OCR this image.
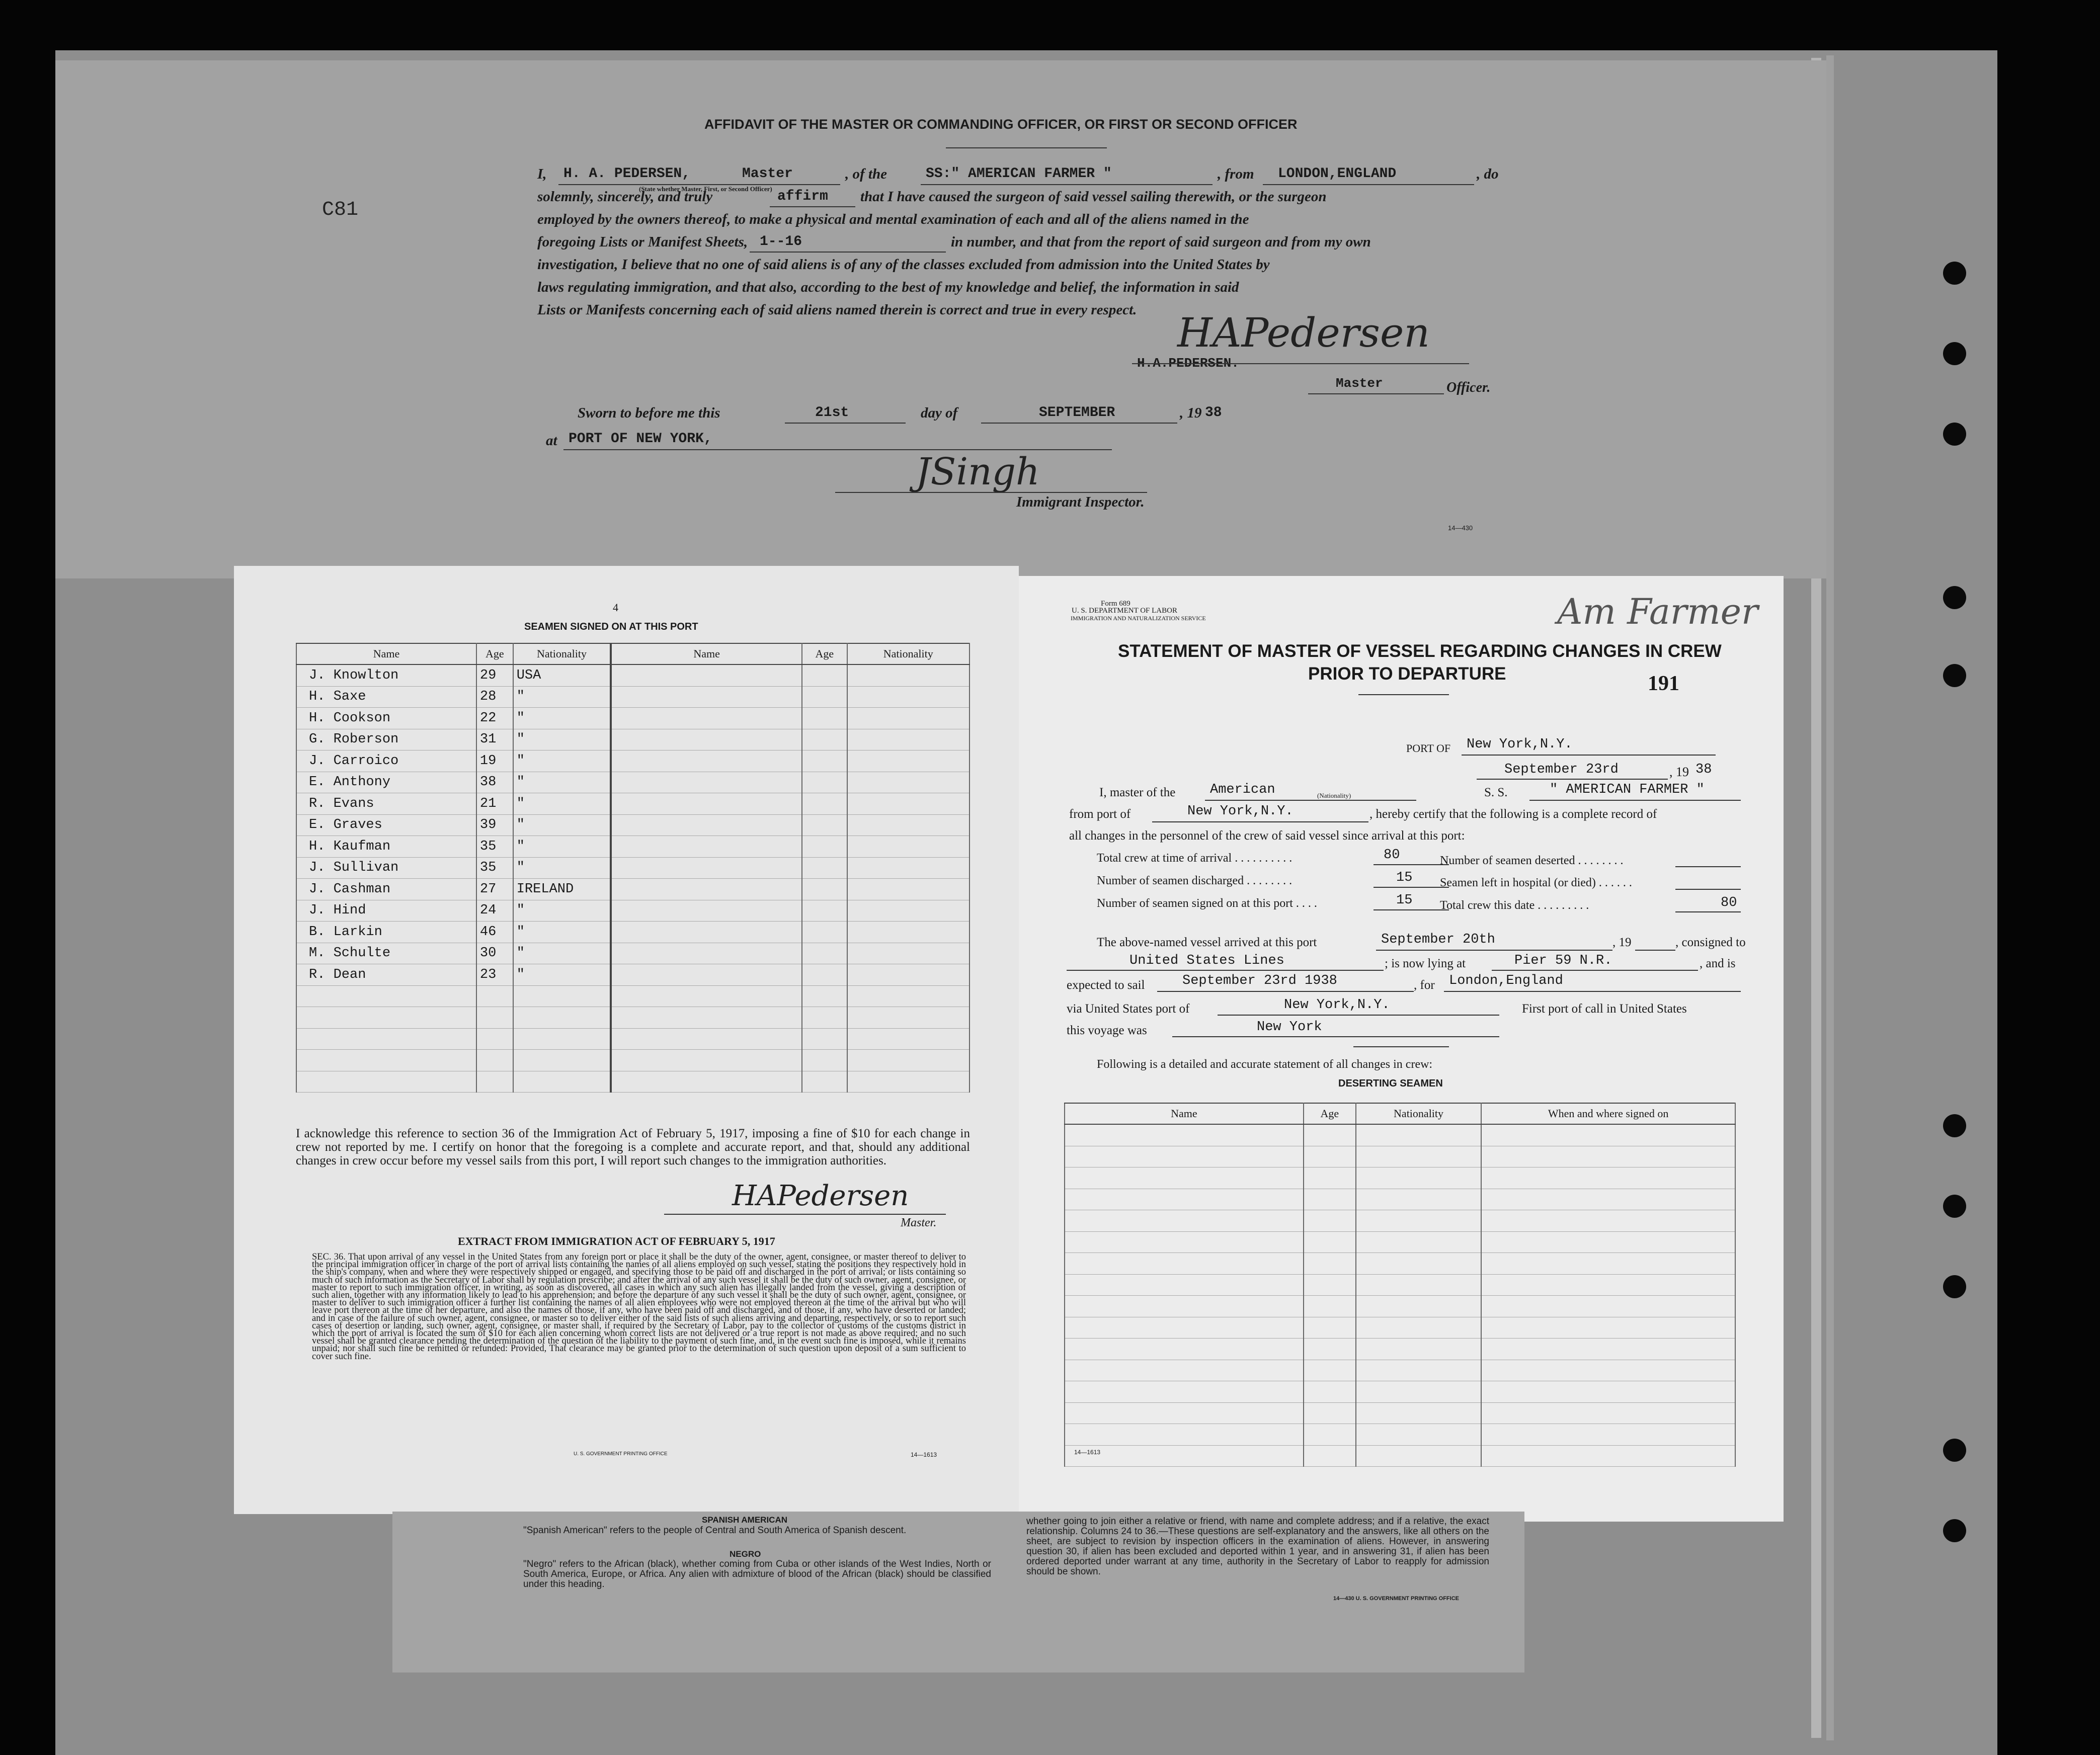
AFFIDAVIT OF THE MASTER OR COMMANDING OFFICER, OR FIRST OR SECOND OFFICER
C81
I, H. A. PEDERSEN,	Master	, of the	SS:" AMERICAN FARMER "	, from LONDON,ENGLAND	, do
(State whether Master, First, or Second Officer)
solemnly, sincerely, and truly	affirm that I have caused the surgeon of said vessel sailing therewith, or the surgeon
employed by the owners thereof, to make a physical and mental examination of each and all of the aliens named in the
foregoing Lists or Manifest Sheets, 1--16	in number, and that from the report of said surgeon and from my own
investigation, I believe that no one of said aliens is of any of the classes excluded from admission into the United States by
laws regulating immigration, and that also, according to the best of my knowledge and belief, the information in said
Lists or Manifests concerning each of said aliens named therein is correct and true in every respect. HAPedersen
H.A.PEDERSEN.
Master	Officer.
Sworn to before me this	21st	day of	SEPTEMBER	, 19 38
at PORT OF NEW YORK,
JSingh
Immigrant Inspector.
14—430
4
SEAMEN SIGNED ON AT THIS PORT
Name	Age	Nationality	Name	Age	Nationality
J. Knowlton	29	USA			
H. Saxe	28	"			
H. Cookson	22	"			
G. Roberson	31	"			
J. Carroico	19	"			
E. Anthony	38	"			
R. Evans	21	"			
E. Graves	39	"			
H. Kaufman	35	"			
J. Sullivan	35	"			
J. Cashman	27	IRELAND			
J. Hind	24	"			
B. Larkin	46	"			
M. Schulte	30	"			
R. Dean	23	"			

I acknowledge this reference to section 36 of the Immigration Act of February 5, 1917, imposing a fine of $10 for each change in crew not reported by me. I certify on honor that the foregoing is a complete and accurate report, and that, should any additional changes in crew occur before my vessel sails from this port, I will report such changes to the immigration authorities.
HAPedersen
Master.
EXTRACT FROM IMMIGRATION ACT OF FEBRUARY 5, 1917
SEC. 36. That upon arrival of any vessel in the United States from any foreign port or place it shall be the duty of the owner, agent, consignee, or master thereof to deliver to the principal immigration officer in charge of the port of arrival lists containing the names of all aliens employed on such vessel, stating the positions they respectively hold in the ship's company, when and where they were respectively shipped or engaged, and specifying those to be paid off and discharged in the port of arrival; or lists containing so much of such information as the Secretary of Labor shall by regulation prescribe; and after the arrival of any such vessel it shall be the duty of such owner, agent, consignee, or master to report to such immigration officer, in writing, as soon as discovered, all cases in which any such alien has illegally landed from the vessel, giving a description of such alien, together with any information likely to lead to his apprehension; and before the departure of any such vessel it shall be the duty of such owner, agent, consignee, or master to deliver to such immigration officer a further list containing the names of all alien employees who were not employed thereon at the time of the arrival but who will leave port thereon at the time of her departure, and also the names of those, if any, who have been paid off and discharged, and of those, if any, who have deserted or landed; and in case of the failure of such owner, agent, consignee, or master so to deliver either of the said lists of such aliens arriving and departing, respectively, or so to report such cases of desertion or landing, such owner, agent, consignee, or master shall, if required by the Secretary of Labor, pay to the collector of customs of the customs district in which the port of arrival is located the sum of $10 for each alien concerning whom correct lists are not delivered or a true report is not made as above required; and no such vessel shall be granted clearance pending the determination of the question of the liability to the payment of such fine, and, in the event such fine is imposed, while it remains unpaid; nor shall such fine be remitted or refunded: Provided, That clearance may be granted prior to the determination of such question upon deposit of a sum sufficient to cover such fine.
U. S. GOVERNMENT PRINTING OFFICE	14—1613
Form 689
U. S. DEPARTMENT OF LABOR
IMMIGRATION AND NATURALIZATION SERVICE	Am Farmer
STATEMENT OF MASTER OF VESSEL REGARDING CHANGES IN CREW
PRIOR TO DEPARTURE	191
PORT OF New York,N.Y.
September 23rd	, 19 38
I, master of the	American	(Nationality)	S. S.	" AMERICAN FARMER "
from port of	New York,N.Y.	, hereby certify that the following is a complete record of
all changes in the personnel of the crew of said vessel since arrival at this port:
Total crew at time of arrival . . . . . . . . . .	80	Number of seamen deserted . . . . . . . .
Number of seamen discharged . . . . . . . .	15 Seamen left in hospital (or died) . . . . . .
Number of seamen signed on at this port . . . .	15 Total crew this date . . . . . . . . .	80
The above-named vessel arrived at this port	September 20th	, 19	, consigned to
United States Lines	; is now lying at	Pier 59 N.R.	, and is
expected to sail	September 23rd 1938	, for London,England
via United States port of	New York,N.Y.	First port of call in United States
this voyage was	New York
Following is a detailed and accurate statement of all changes in crew:
DESERTING SEAMEN
Name	Age	Nationality	When and where signed on

14—1613
SPANISH AMERICAN
"Spanish American" refers to the people of Central and South America of Spanish descent.
NEGRO
"Negro" refers to the African (black), whether coming from Cuba or other islands of the West Indies, North or South America, Europe, or Africa. Any alien with admixture of blood of the African (black) should be classified under this heading.
whether going to join either a relative or friend, with name and complete address; and if a relative, the exact relationship. Columns 24 to 36.—These questions are self-explanatory and the answers, like all others on the sheet, are subject to revision by inspection officers in the examination of aliens. However, in answering question 30, if alien has been excluded and deported within 1 year, and in answering 31, if alien has been ordered deported under warrant at any time, authority in the Secretary of Labor to reapply for admission should be shown.
14—430 U. S. GOVERNMENT PRINTING OFFICE
